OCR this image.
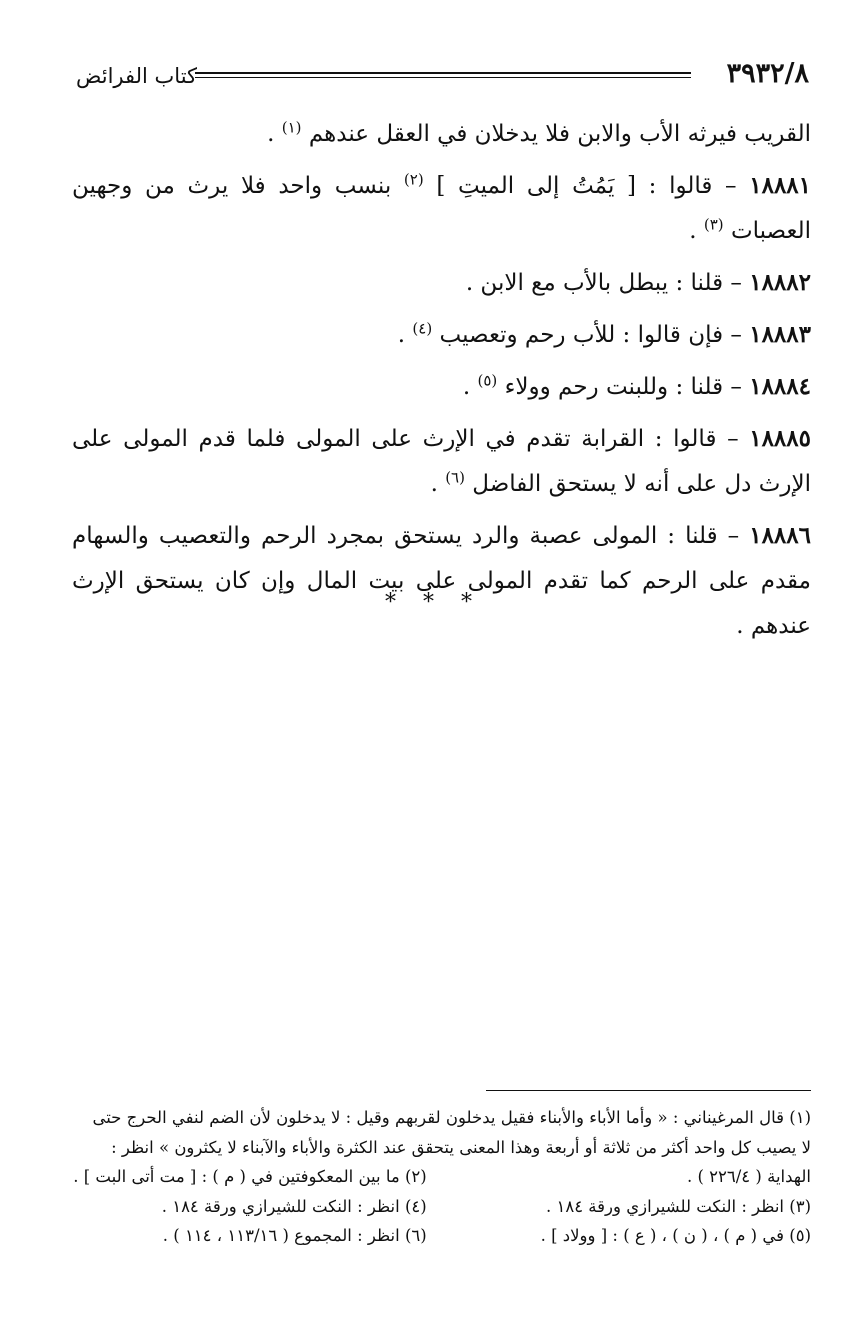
٣٩٣٢/٨
كتاب الفرائض

القريب فيرثه الأب والابن فلا يدخلان في العقل عندهم $^{(١)}$ .

١٨٨٨١ – قالوا : [ يَمُتُ إلى الميتِ ] $^{(٢)}$ بنسب واحد فلا يرث من وجهين العصبات $^{(٣)}$ .

١٨٨٨٢ – قلنا : يبطل بالأب مع الابن .

١٨٨٨٣ – فإن قالوا : للأب رحم وتعصيب $^{(٤)}$ .

١٨٨٨٤ – قلنا : وللبنت رحم وولاء $^{(٥)}$ .

١٨٨٨٥ – قالوا : القرابة تقدم في الإرث على المولى فلما قدم المولى على الإرث دل على أنه لا يستحق الفاضل $^{(٦)}$ .

١٨٨٨٦ – قلنا : المولى عصبة والرد يستحق بمجرد الرحم والتعصيب والسهام مقدم على الرحم كما تقدم المولى على بيت المال وإن كان يستحق الإرث عندهم .

* * *
(١) قال المرغيناني : « وأما الأباء والأبناء فقيل يدخلون لقربهم وقيل : لا يدخلون لأن الضم لنفي الحرج حتى
لا يصيب كل واحد أكثر من ثلاثة أو أربعة وهذا المعنى يتحقق عند الكثرة والأباء والآبناء لا يكثرون » انظر :
الهداية ( ٢٢٦/٤ ) .
(٢) ما بين المعكوفتين في ( م ) : [ مت أتى البت ] .
(٣) انظر : النكت للشيرازي ورقة ١٨٤ .
(٤) انظر : النكت للشيرازي ورقة ١٨٤ .
(٥) في ( م ) ، ( ن ) ، ( ع ) : [ وولاد ] .
(٦) انظر : المجموع ( ١١٣/١٦ ، ١١٤ ) .
